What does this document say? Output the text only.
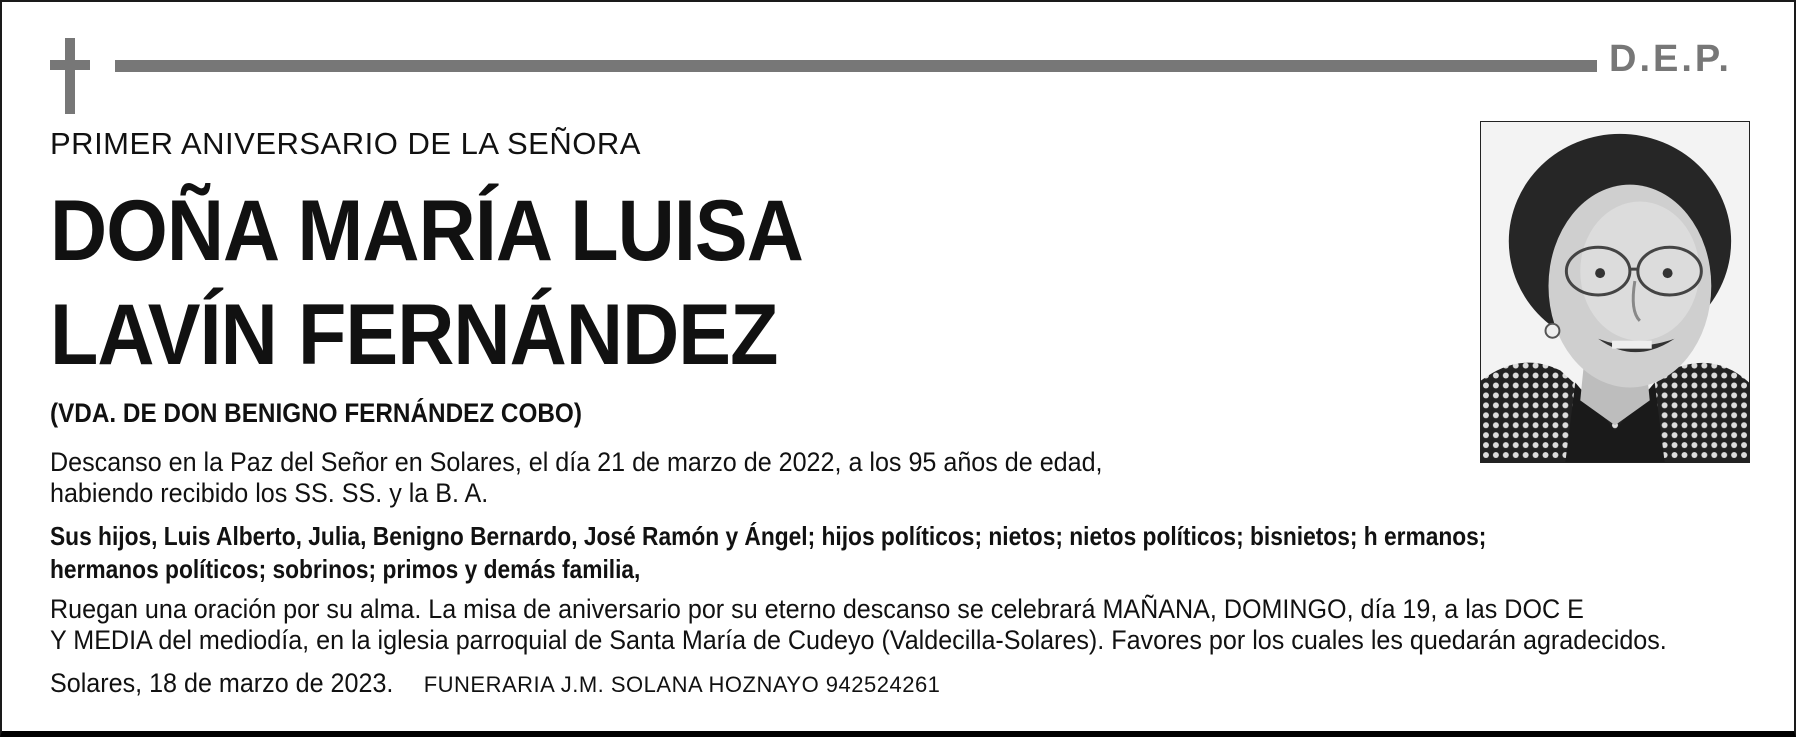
D.E.P.
PRIMER ANIVERSARIO DE LA SEÑORA
DOÑA MARÍA LUISA
LAVÍN FERNÁNDEZ
(VDA. DE DON BENIGNO FERNÁNDEZ COBO)
Descanso en la Paz del Señor en Solares, el día 21 de marzo de 2022, a los 95 años de edad,
habiendo recibido los SS. SS. y la B. A.
Sus hijos, Luis Alberto, Julia, Benigno Bernardo, José Ramón y Ángel; hijos políticos; nietos; nietos políticos; bisnietos; h ermanos;
hermanos políticos; sobrinos; primos y demás familia,
Ruegan una oración por su alma. La misa de aniversario por su eterno descanso se celebrará MAÑANA, DOMINGO, día 19, a las DOC E
Y MEDIA del mediodía, en la iglesia parroquial de Santa María de Cudeyo (Valdecilla-Solares). Favores por los cuales les quedarán agradecidos.
Solares, 18 de marzo de 2023. FUNERARIA J.M. SOLANA HOZNAYO 942524261
